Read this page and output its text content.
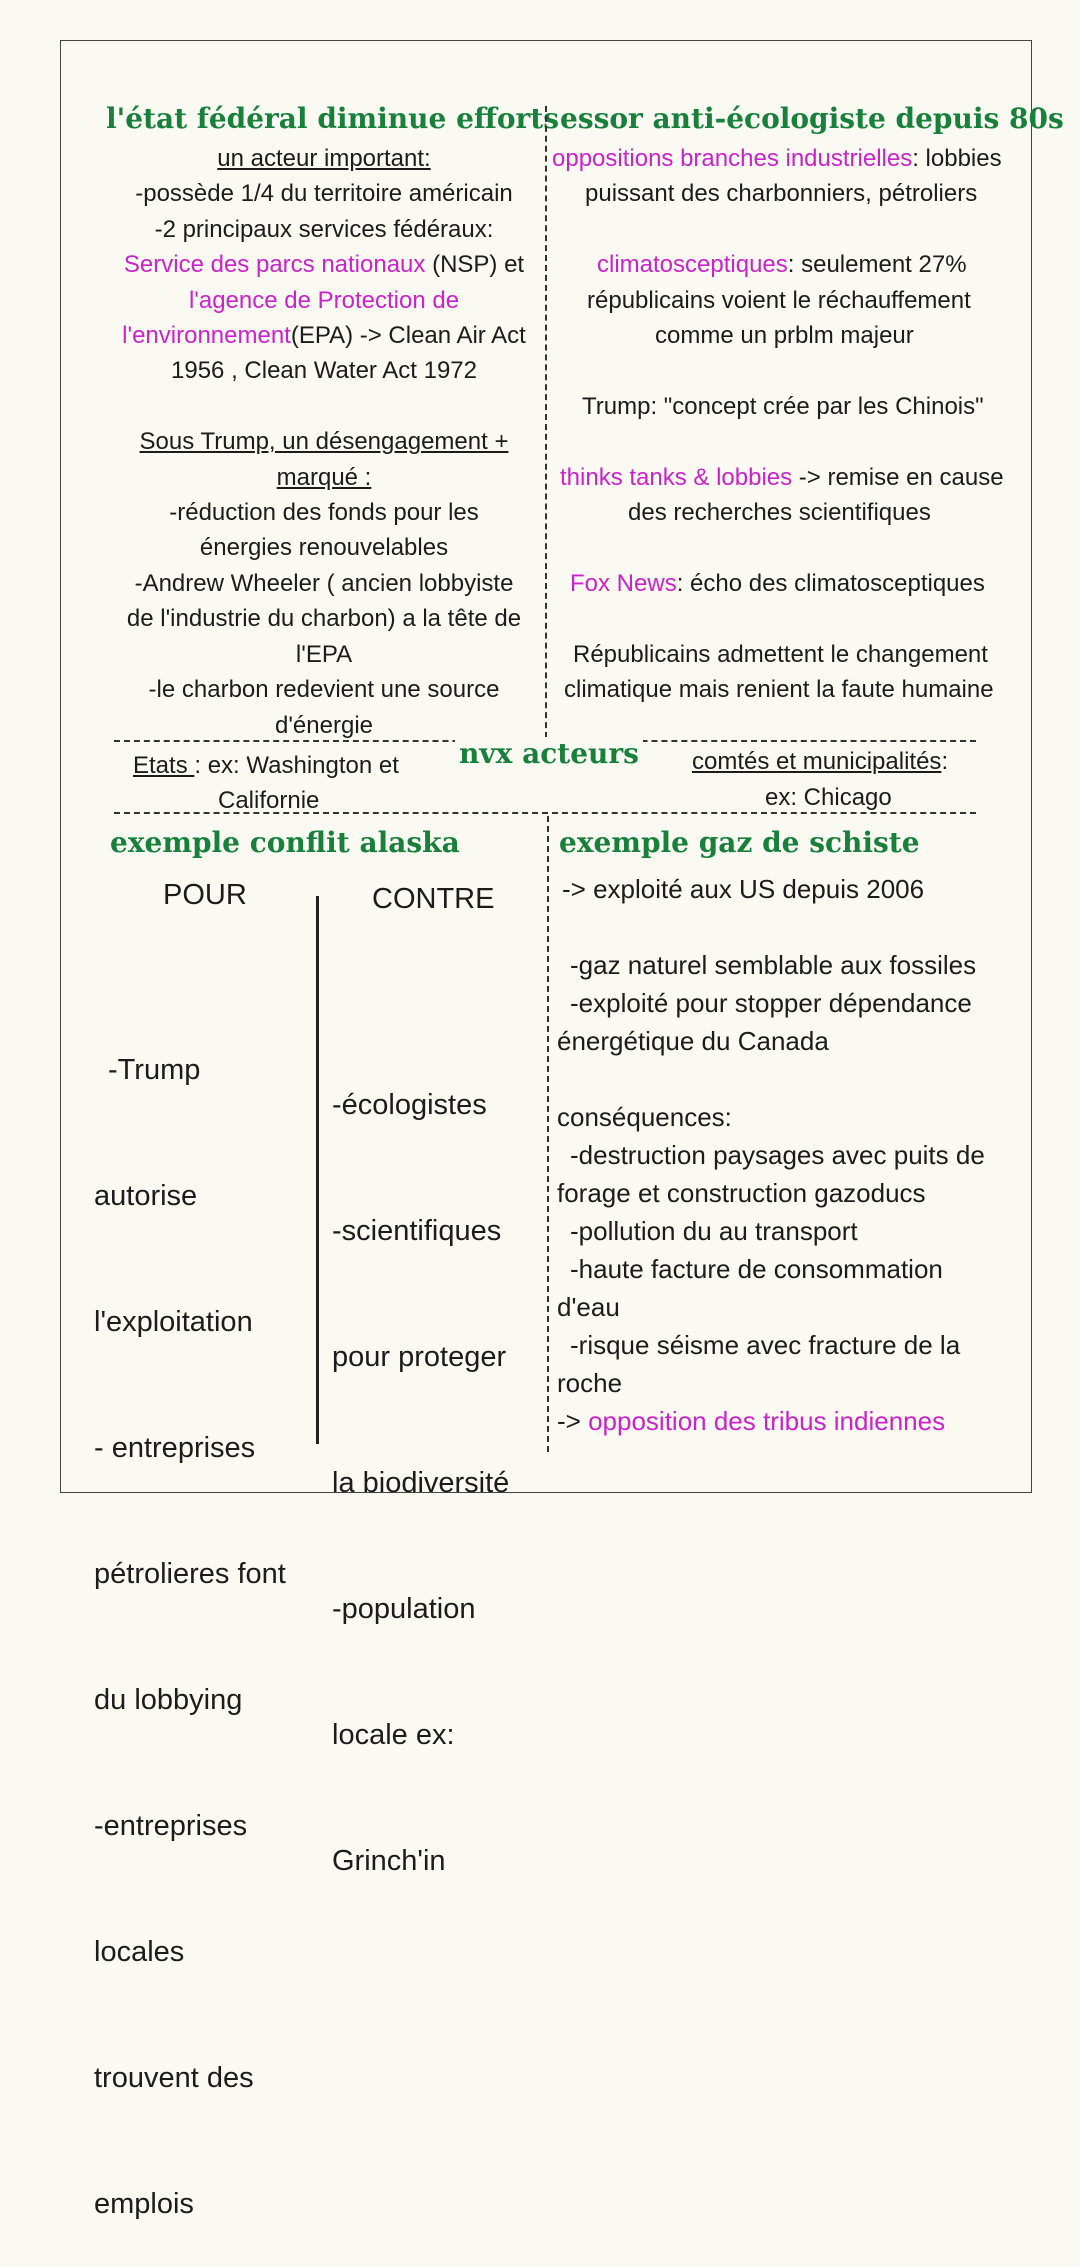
l'état fédéral diminue efforts
un acteur important:
-possède 1/4 du territoire américain
-2 principaux services fédéraux:
Service des parcs nationaux (NSP) et
l'agence de Protection de
l'environnement(EPA) -> Clean Air Act
1956 , Clean Water Act 1972

Sous Trump, un désengagement +
marqué :
-réduction des fonds pour les
énergies renouvelables
-Andrew Wheeler ( ancien lobbyiste
de l'industrie du charbon) a la tête de
l'EPA
-le charbon redevient une source
d'énergie
essor anti-écologiste depuis 80s
oppositions branches industrielles: lobbies
puissant des charbonniers, pétroliers

climatosceptiques: seulement 27%
républicains voient le réchauffement
comme un prblm majeur

Trump: "concept crée par les Chinois"

thinks tanks & lobbies -> remise en cause
des recherches scientifiques

Fox News: écho des climatosceptiques

Républicains admettent le changement
climatique mais renient la faute humaine
nvx acteurs
Etats : ex: Washington et
Californie
comtés et municipalités:
ex: Chicago
exemple conflit alaska
POUR	CONTRE

-Trump

autorise

l'exploitation

- entreprises

pétrolieres font

du lobbying

-entreprises

locales

trouvent des

emplois

-écologistes

-scientifiques

pour proteger

la biodiversité

-population

locale ex:

Grinch'in

exemple gaz de schiste
-> exploité aux US depuis 2006

-gaz naturel semblable aux fossiles
-exploité pour stopper dépendance
énergétique du Canada

conséquences:
-destruction paysages avec puits de
forage et construction gazoducs
-pollution du au transport
-haute facture de consommation
d'eau
-risque séisme avec fracture de la
roche
-> opposition des tribus indiennes
